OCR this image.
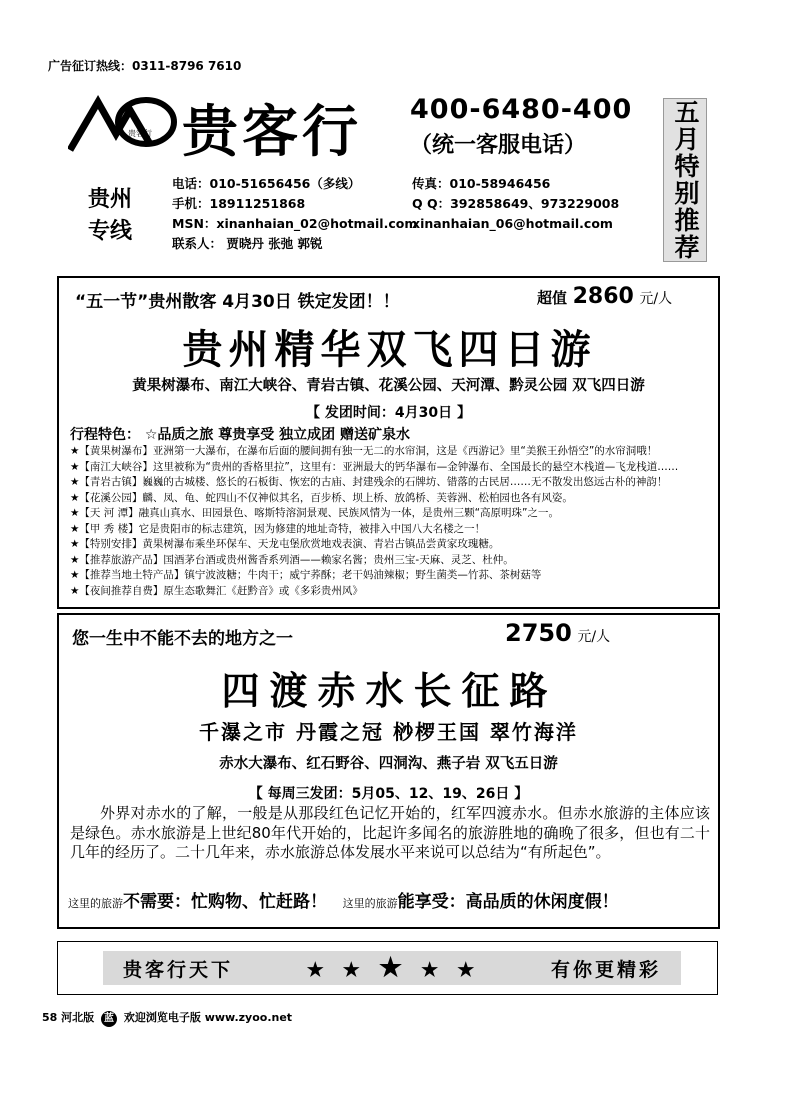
广告征订热线：0311-8796 7610
贵客行 贵客行 400-6480-400
（统一客服电话）	五月特别推荐
贵州
专线
电话：010-51656456（多线）
手机：18911251868
MSN：xinanhaian_02@hotmail.com
联系人： 贾晓丹 张弛 郭锐
传真：010-58946456
Q Q：392858649、973229008
xinanhaian_06@hotmail.com
“五一节”贵州散客 4月30日 铁定发团！！	超值 2860 元/人
贵州精华双飞四日游
黄果树瀑布、南江大峡谷、青岩古镇、花溪公园、天河潭、黔灵公园 双飞四日游
【 发团时间：4月30日 】
行程特色： ☆品质之旅 尊贵享受 独立成团 赠送矿泉水
★【黄果树瀑布】亚洲第一大瀑布，在瀑布后面的腰间拥有独一无二的水帘洞，这是《西游记》里“美猴王孙悟空”的水帘洞哦！
★【南江大峡谷】这里被称为“贵州的香格里拉”，这里有：亚洲最大的钙华瀑布—金钟瀑布、全国最长的悬空木栈道—飞龙栈道……
★【青岩古镇】巍巍的古城楼、悠长的石板街、恢宏的古庙、封建残余的石牌坊、错落的古民居……无不散发出悠远古朴的神韵！
★【花溪公园】麟、凤、龟、蛇四山不仅神似其名，百步桥、坝上桥、放鸽桥、芙蓉洲、松柏园也各有风姿。
★【天 河 潭】融真山真水、田园景色、喀斯特溶洞景观、民族风情为一体，是贵州三颗“高原明珠”之一。
★【甲 秀 楼】它是贵阳市的标志建筑，因为修建的地址奇特，被排入中国八大名楼之一！
★【特别安排】黄果树瀑布乘坐环保车、天龙屯堡欣赏地戏表演、青岩古镇品尝黄家玫瑰糖。
★【推荐旅游产品】国酒茅台酒或贵州酱香系列酒——赖家名酱；贵州三宝-天麻、灵芝、杜仲。
★【推荐当地土特产品】镇宁波波糖；牛肉干；威宁荞酥；老干妈油辣椒；野生菌类—竹荪、茶树菇等
★【夜间推荐自费】原生态歌舞汇《赶黔音》或《多彩贵州风》
您一生中不能不去的地方之一	2750 元/人
四渡赤水长征路
千瀑之市 丹霞之冠 桫椤王国 翠竹海洋
赤水大瀑布、红石野谷、四洞沟、燕子岩 双飞五日游
【 每周三发团：5月05、12、19、26日 】
外界对赤水的了解，一般是从那段红色记忆开始的，红军四渡赤水。但赤水旅游的主体应该是绿色。赤水旅游是上世纪80年代开始的，比起许多闻名的旅游胜地的确晚了很多，但也有二十几年的经历了。二十几年来，赤水旅游总体发展水平来说可以总结为“有所起色”。
这里的旅游不需要：忙购物、忙赶路！ 这里的旅游能享受：高品质的休闲度假！
贵客行天下	★ ★ ★ ★ ★	有你更精彩
58 河北版 蓝 欢迎浏览电子版 www.zyoo.net
